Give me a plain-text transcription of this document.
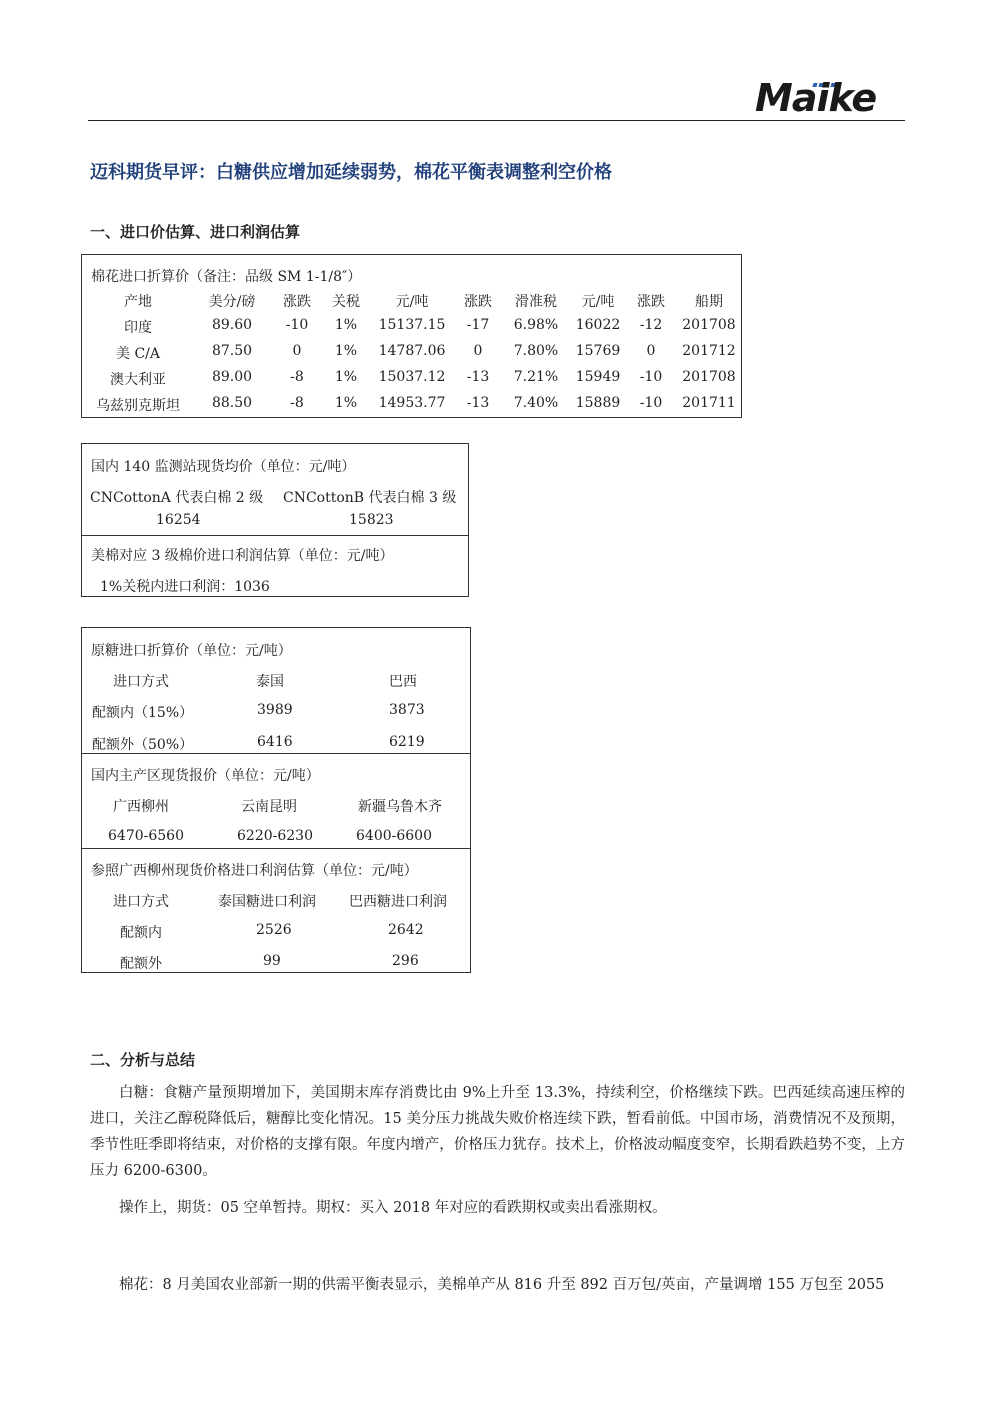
Maike
迈科期货早评：白糖供应增加延续弱势，棉花平衡表调整利空价格
一、进口价估算、进口利润估算
棉花进口折算价（备注：品级 SM 1-1/8″）
产地	美分/磅 涨跌 关税	元/吨	涨跌 滑准税 元/吨 涨跌 船期
印度	89.60 -10 1% 15137.15 -17 6.98% 16022 -12 201708
美 C/A	87.50	0 1% 14787.06 0 7.80% 15769 0 201712
澳大利亚	89.00	-8 1% 15037.12 -13 7.21% 15949 -10 201708
乌兹别克斯坦 88.50	-8 1% 14953.77 -13 7.40% 15889 -10 201711
国内 140 监测站现货均价（单位：元/吨）
CNCottonA 代表白棉 2 级 CNCottonB 代表白棉 3 级
16254	15823
美棉对应 3 级棉价进口利润估算（单位：元/吨）
1%关税内进口利润：1036
原糖进口折算价（单位：元/吨）
进口方式	泰国	巴西
配额内（15%）	3989	3873
配额外（50%）	6416	6219
国内主产区现货报价（单位：元/吨）
广西柳州	云南昆明	新疆乌鲁木齐
6470-6560	6220-6230	6400-6600
参照广西柳州现货价格进口利润估算（单位：元/吨）
进口方式	泰国糖进口利润 巴西糖进口利润
配额内	2526	2642
配额外	99	296
二、分析与总结
白糖：食糖产量预期增加下，美国期末库存消费比由 9%上升至 13.3%，持续利空，价格继续下跌。巴西延续高速压榨的进口，关注乙醇税降低后，糖醇比变化情况。15 美分压力挑战失败价格连续下跌，暂看前低。中国市场，消费情况不及预期，季节性旺季即将结束，对价格的支撑有限。年度内增产，价格压力犹存。技术上，价格波动幅度变窄，长期看跌趋势不变，上方压力 6200-6300。
操作上，期货：05 空单暂持。期权：买入 2018 年对应的看跌期权或卖出看涨期权。
棉花：8 月美国农业部新一期的供需平衡表显示，美棉单产从 816 升至 892 百万包/英亩，产量调增 155 万包至 2055
